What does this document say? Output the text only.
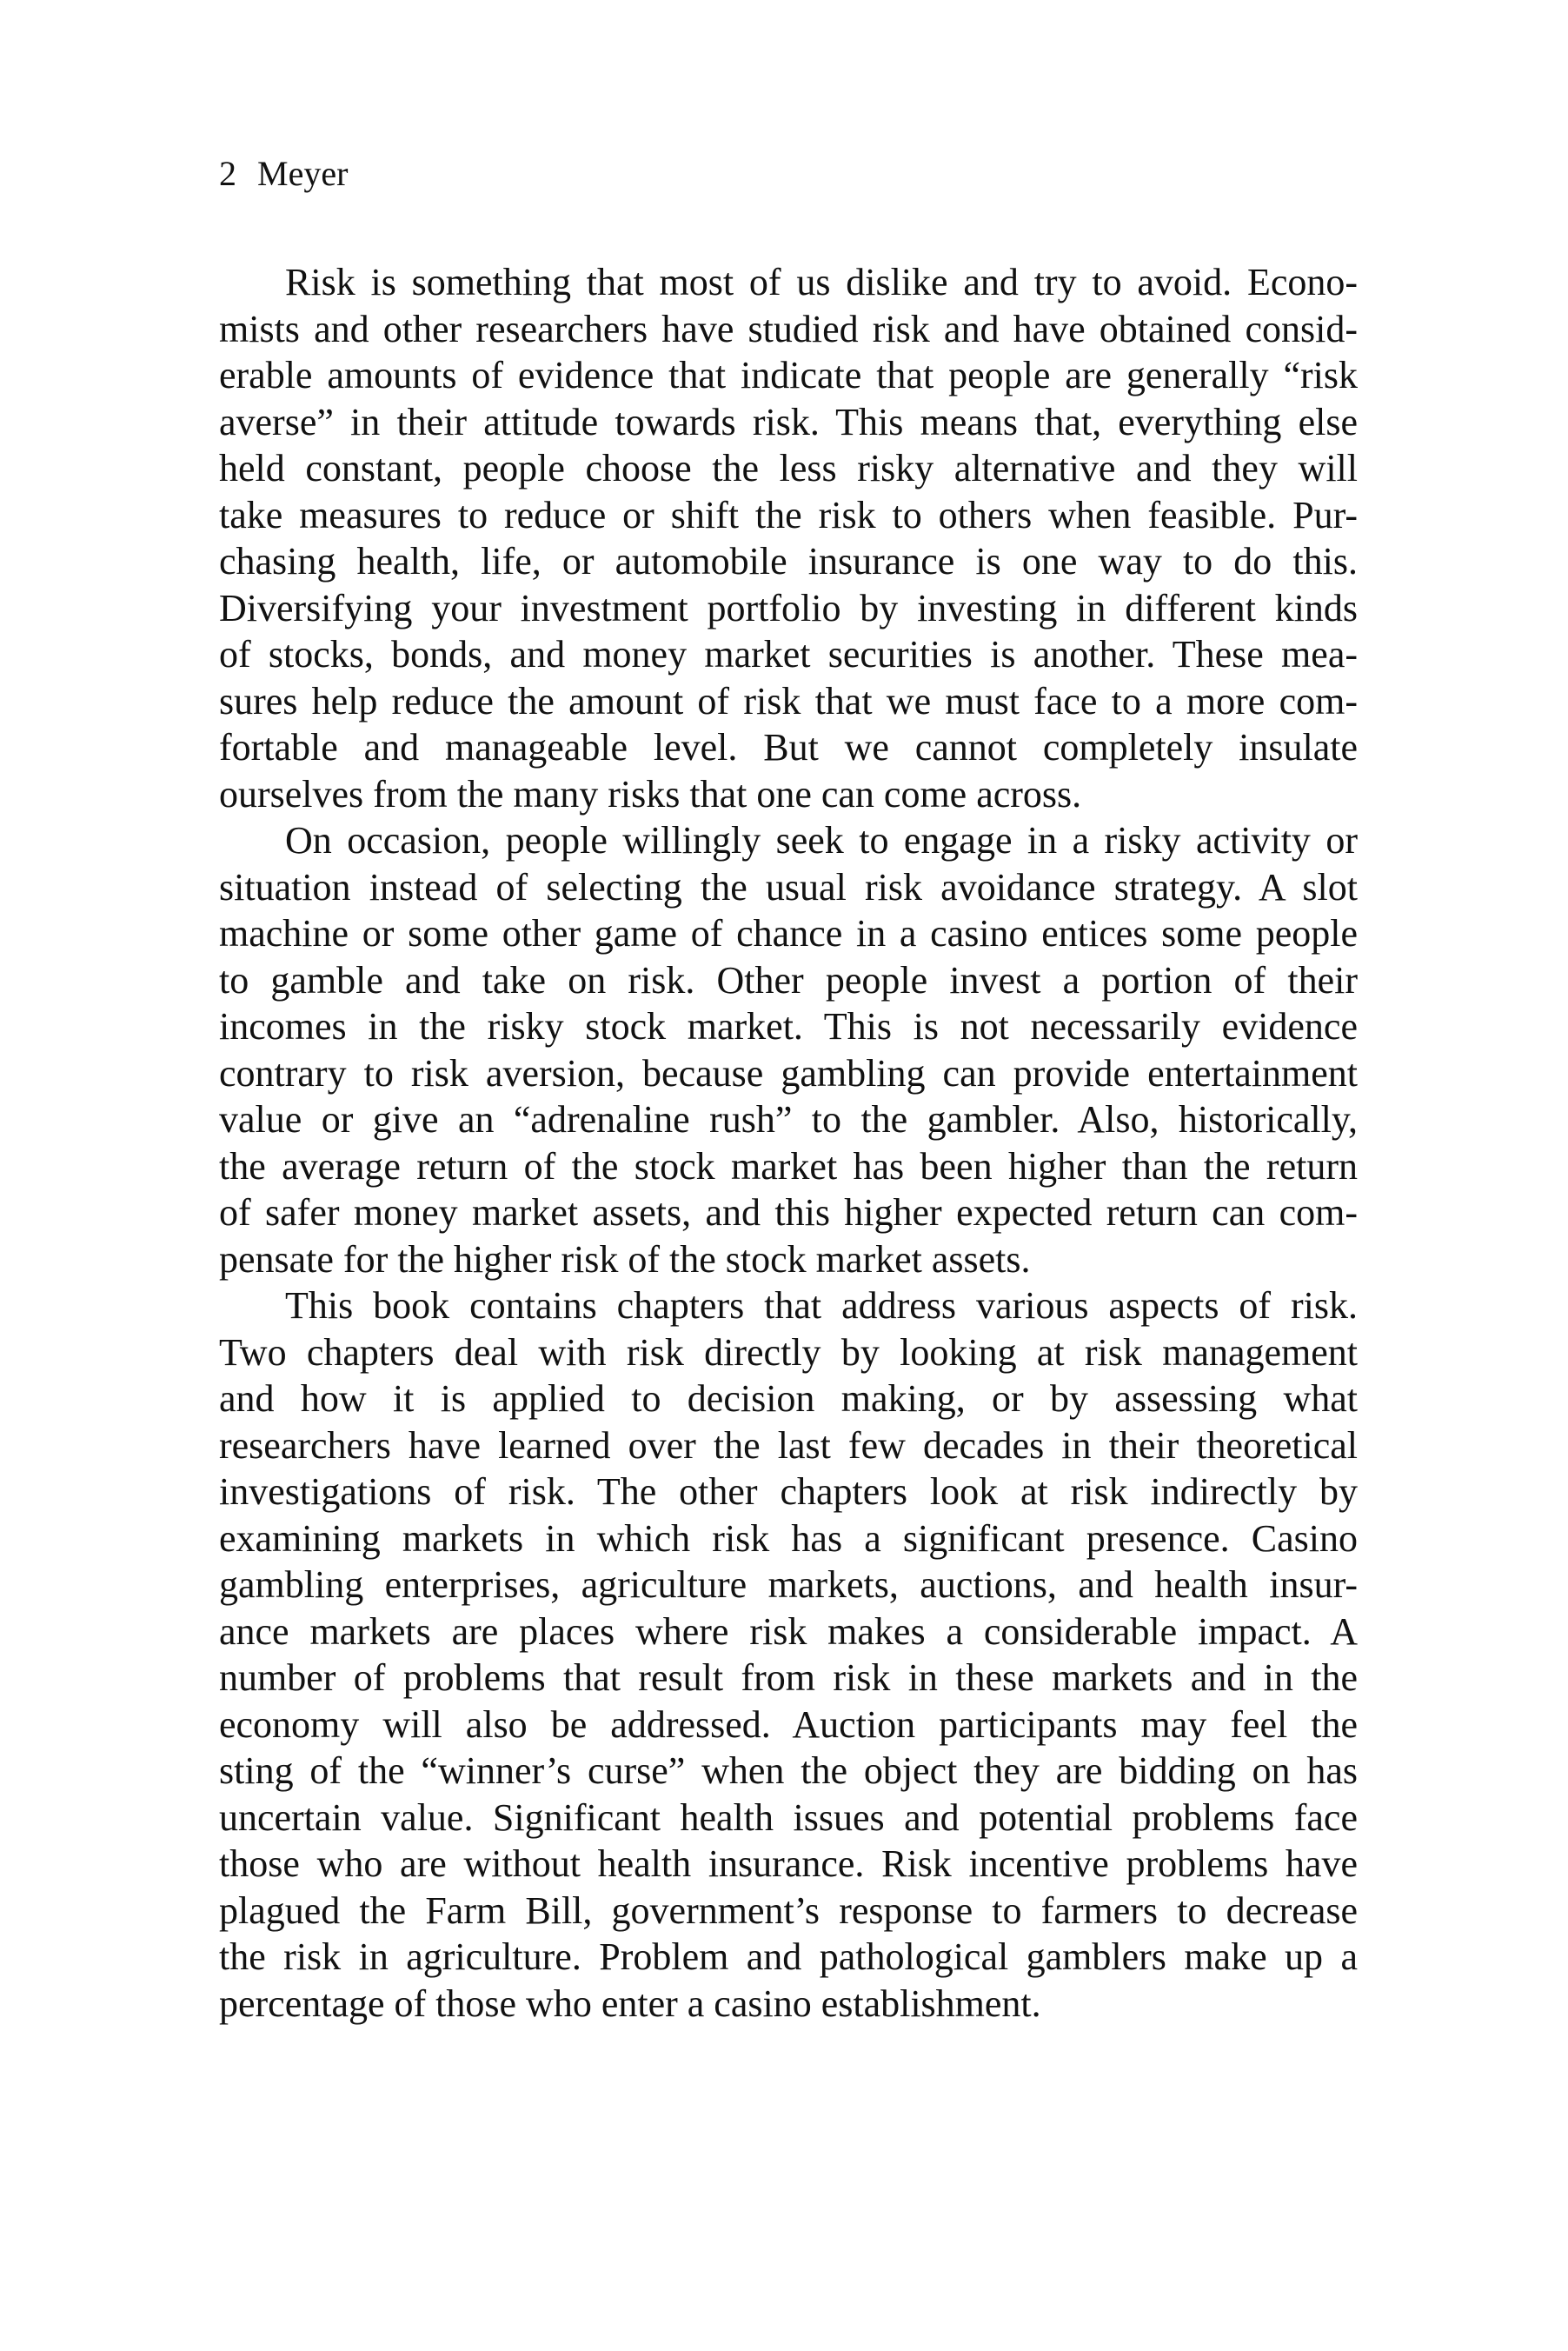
2 Meyer
Risk is something that most of us dislike and try to avoid. Econo-
mists and other researchers have studied risk and have obtained consid-
erable amounts of evidence that indicate that people are generally “risk
averse” in their attitude towards risk. This means that, everything else
held constant, people choose the less risky alternative and they will
take measures to reduce or shift the risk to others when feasible. Pur-
chasing health, life, or automobile insurance is one way to do this.
Diversifying your investment portfolio by investing in different kinds
of stocks, bonds, and money market securities is another. These mea-
sures help reduce the amount of risk that we must face to a more com-
fortable and manageable level. But we cannot completely insulate
ourselves from the many risks that one can come across.
On occasion, people willingly seek to engage in a risky activity or
situation instead of selecting the usual risk avoidance strategy. A slot
machine or some other game of chance in a casino entices some people
to gamble and take on risk. Other people invest a portion of their
incomes in the risky stock market. This is not necessarily evidence
contrary to risk aversion, because gambling can provide entertainment
value or give an “adrenaline rush” to the gambler. Also, historically,
the average return of the stock market has been higher than the return
of safer money market assets, and this higher expected return can com-
pensate for the higher risk of the stock market assets.
This book contains chapters that address various aspects of risk.
Two chapters deal with risk directly by looking at risk management
and how it is applied to decision making, or by assessing what
researchers have learned over the last few decades in their theoretical
investigations of risk. The other chapters look at risk indirectly by
examining markets in which risk has a significant presence. Casino
gambling enterprises, agriculture markets, auctions, and health insur-
ance markets are places where risk makes a considerable impact. A
number of problems that result from risk in these markets and in the
economy will also be addressed. Auction participants may feel the
sting of the “winner’s curse” when the object they are bidding on has
uncertain value. Significant health issues and potential problems face
those who are without health insurance. Risk incentive problems have
plagued the Farm Bill, government’s response to farmers to decrease
the risk in agriculture. Problem and pathological gamblers make up a
percentage of those who enter a casino establishment.
